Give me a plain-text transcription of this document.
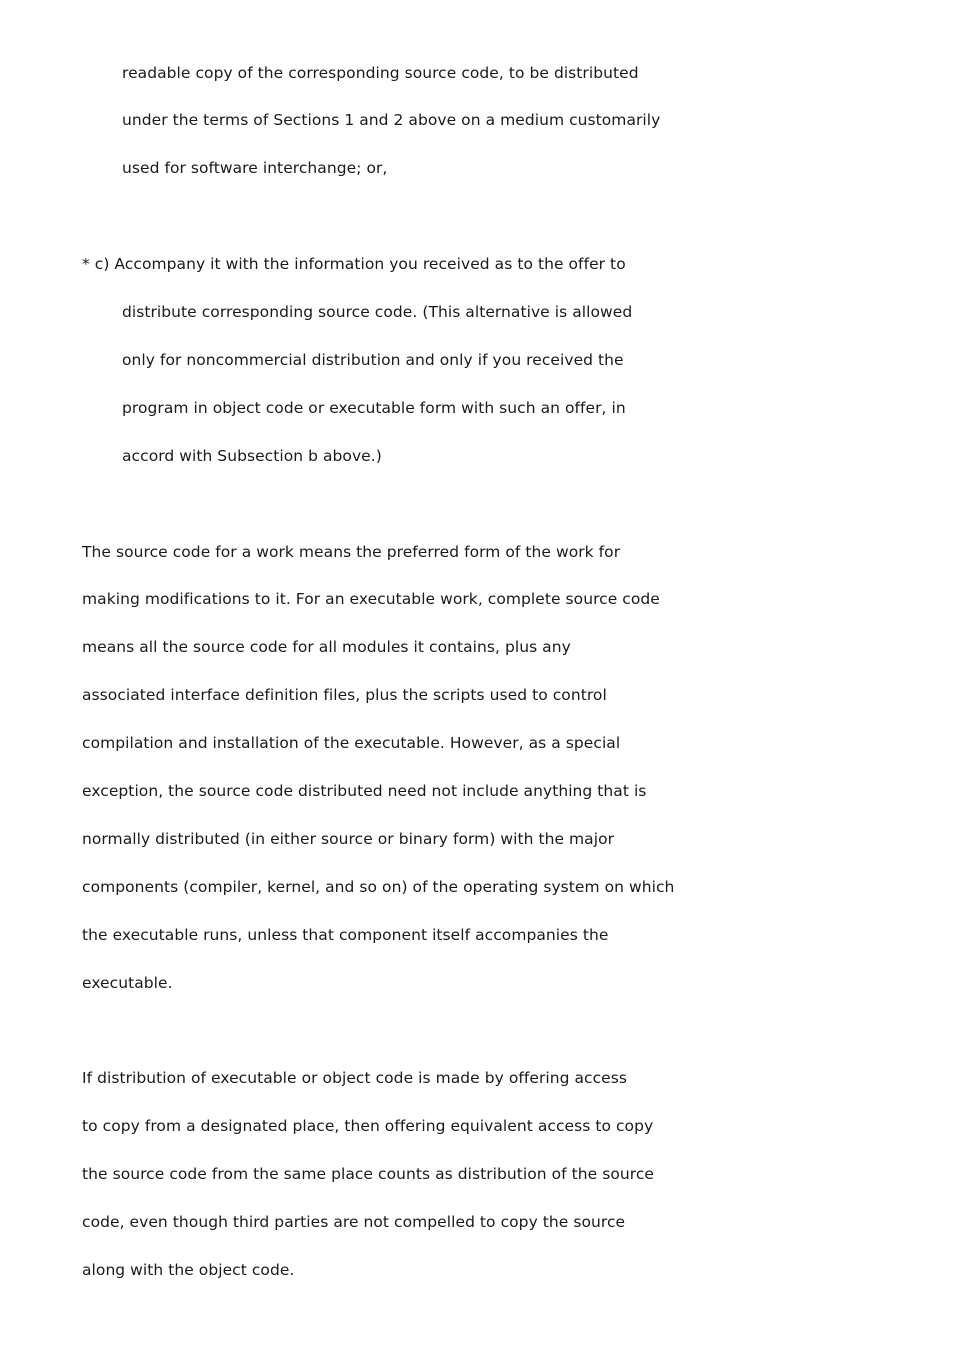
readable copy of the corresponding source code, to be distributed
under the terms of Sections 1 and 2 above on a medium customarily
used for software interchange; or,
* c) Accompany it with the information you received as to the offer to
distribute corresponding source code. (This alternative is allowed
only for noncommercial distribution and only if you received the
program in object code or executable form with such an offer, in
accord with Subsection b above.)
The source code for a work means the preferred form of the work for
making modifications to it. For an executable work, complete source code
means all the source code for all modules it contains, plus any
associated interface definition files, plus the scripts used to control
compilation and installation of the executable. However, as a special
exception, the source code distributed need not include anything that is
normally distributed (in either source or binary form) with the major
components (compiler, kernel, and so on) of the operating system on which
the executable runs, unless that component itself accompanies the
executable.
If distribution of executable or object code is made by offering access
to copy from a designated place, then offering equivalent access to copy
the source code from the same place counts as distribution of the source
code, even though third parties are not compelled to copy the source
along with the object code.
